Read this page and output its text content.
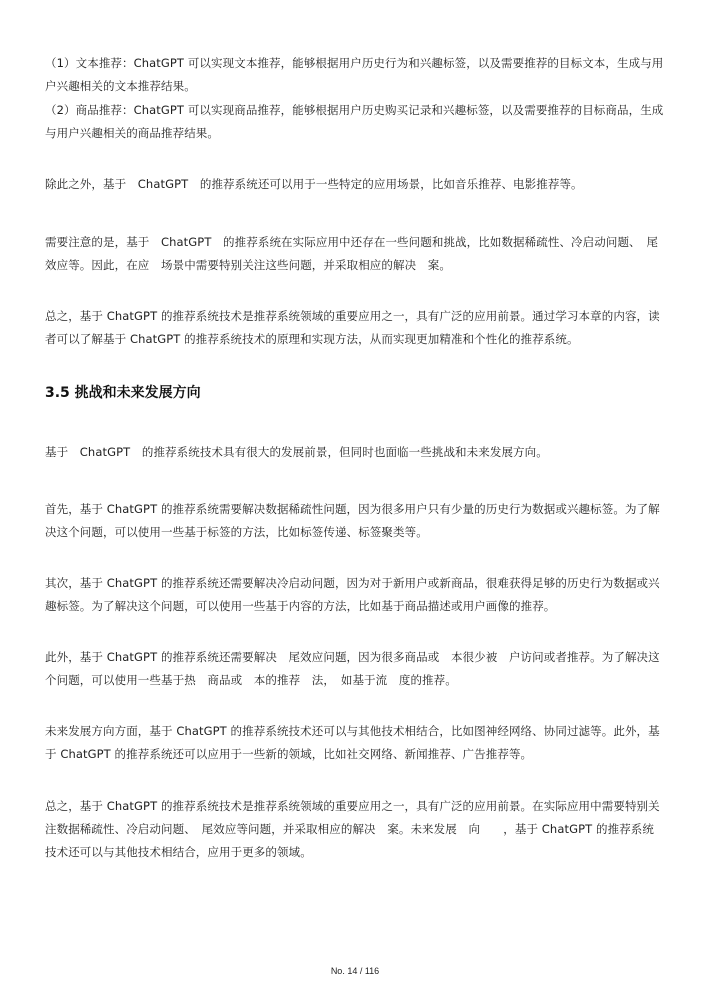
（1）文本推荐：ChatGPT 可以实现文本推荐，能够根据用户历史行为和兴趣标签，以及需要推荐的目标文本，生成与用户兴趣相关的文本推荐结果。

（2）商品推荐：ChatGPT 可以实现商品推荐，能够根据用户历史购买记录和兴趣标签，以及需要推荐的目标商品，生成与用户兴趣相关的商品推荐结果。

除此之外，基于　ChatGPT　的推荐系统还可以用于一些特定的应用场景，比如音乐推荐、电影推荐等。

需要注意的是，基于　ChatGPT　的推荐系统在实际应用中还存在一些问题和挑战，比如数据稀疏性、冷启动问题、　尾效应等。因此，在应　场景中需要特别关注这些问题，并采取相应的解决　案。

总之，基于 ChatGPT 的推荐系统技术是推荐系统领域的重要应用之一，具有广泛的应用前景。通过学习本章的内容，读者可以了解基于 ChatGPT 的推荐系统技术的原理和实现方法，从而实现更加精准和个性化的推荐系统。

3.5 挑战和未来发展方向

基于　ChatGPT　的推荐系统技术具有很大的发展前景，但同时也面临一些挑战和未来发展方向。

首先，基于 ChatGPT 的推荐系统需要解决数据稀疏性问题，因为很多用户只有少量的历史行为数据或兴趣标签。为了解决这个问题，可以使用一些基于标签的方法，比如标签传递、标签聚类等。

其次，基于 ChatGPT 的推荐系统还需要解决冷启动问题，因为对于新用户或新商品，很难获得足够的历史行为数据或兴趣标签。为了解决这个问题，可以使用一些基于内容的方法，比如基于商品描述或用户画像的推荐。

此外，基于 ChatGPT 的推荐系统还需要解决　尾效应问题，因为很多商品或　本很少被　户访问或者推荐。为了解决这个问题，可以使用一些基于热　商品或　本的推荐　法，　如基于流　度的推荐。

未来发展方向方面，基于 ChatGPT 的推荐系统技术还可以与其他技术相结合，比如图神经网络、协同过滤等。此外，基于 ChatGPT 的推荐系统还可以应用于一些新的领域，比如社交网络、新闻推荐、广告推荐等。

总之，基于 ChatGPT 的推荐系统技术是推荐系统领域的重要应用之一，具有广泛的应用前景。在实际应用中需要特别关注数据稀疏性、冷启动问题、　尾效应等问题，并采取相应的解决　案。未来发展　向　　，基于 ChatGPT 的推荐系统技术还可以与其他技术相结合，应用于更多的领域。

No. 14 / 116
